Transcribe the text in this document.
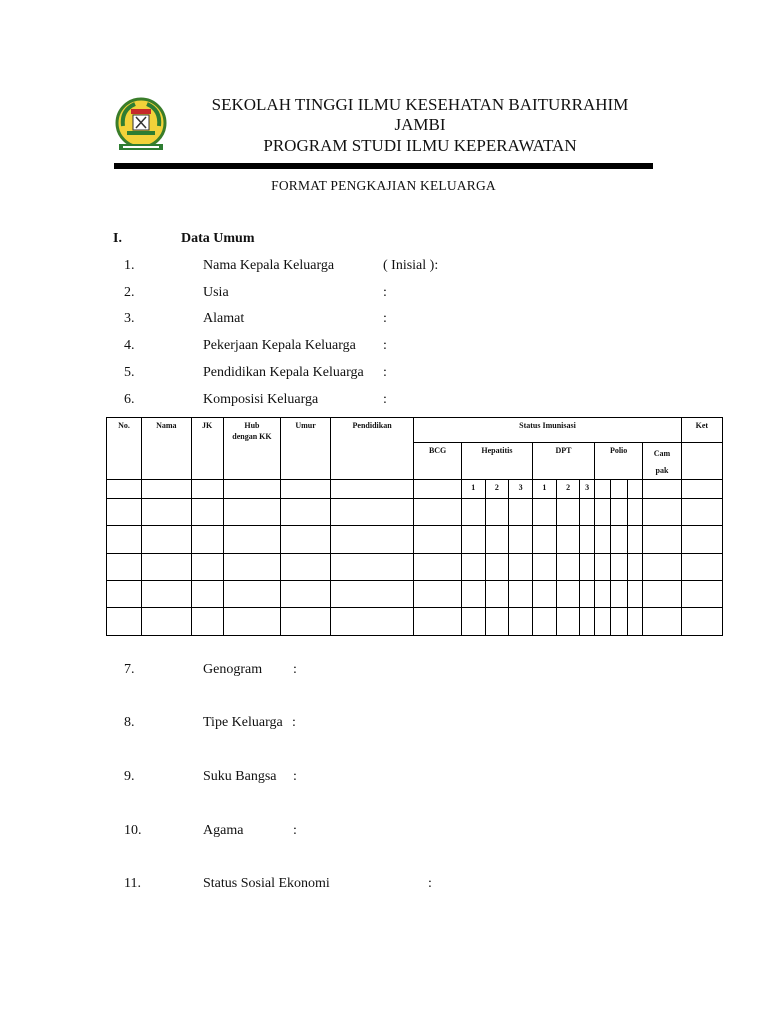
SEKOLAH TINGGI ILMU KESEHATAN BAITURRAHIM
JAMBI
PROGRAM STUDI ILMU KEPERAWATAN
FORMAT PENGKAJIAN KELUARGA
I.	Data Umum
1.	Nama Kepala Keluarga	( Inisial ):
2.	Usia	:
3.	Alamat	:
4.	Pekerjaan Kepala Keluarga :
5.	Pendidikan Kepala Keluarga :
6.	Komposisi Keluarga	:
No.	Nama	JK	Hub dengan KK	Umur	Pendidikan	Status Imunisasi											Ket
						BCG	Hepatitis			DPT			Polio			Cam pak	
							1	2	3	1	2	3					

7.	Genogram :
8.	Tipe Keluarga :
9.	Suku Bangsa :
10.	Agama	:
11.	Status Sosial Ekonomi	:
